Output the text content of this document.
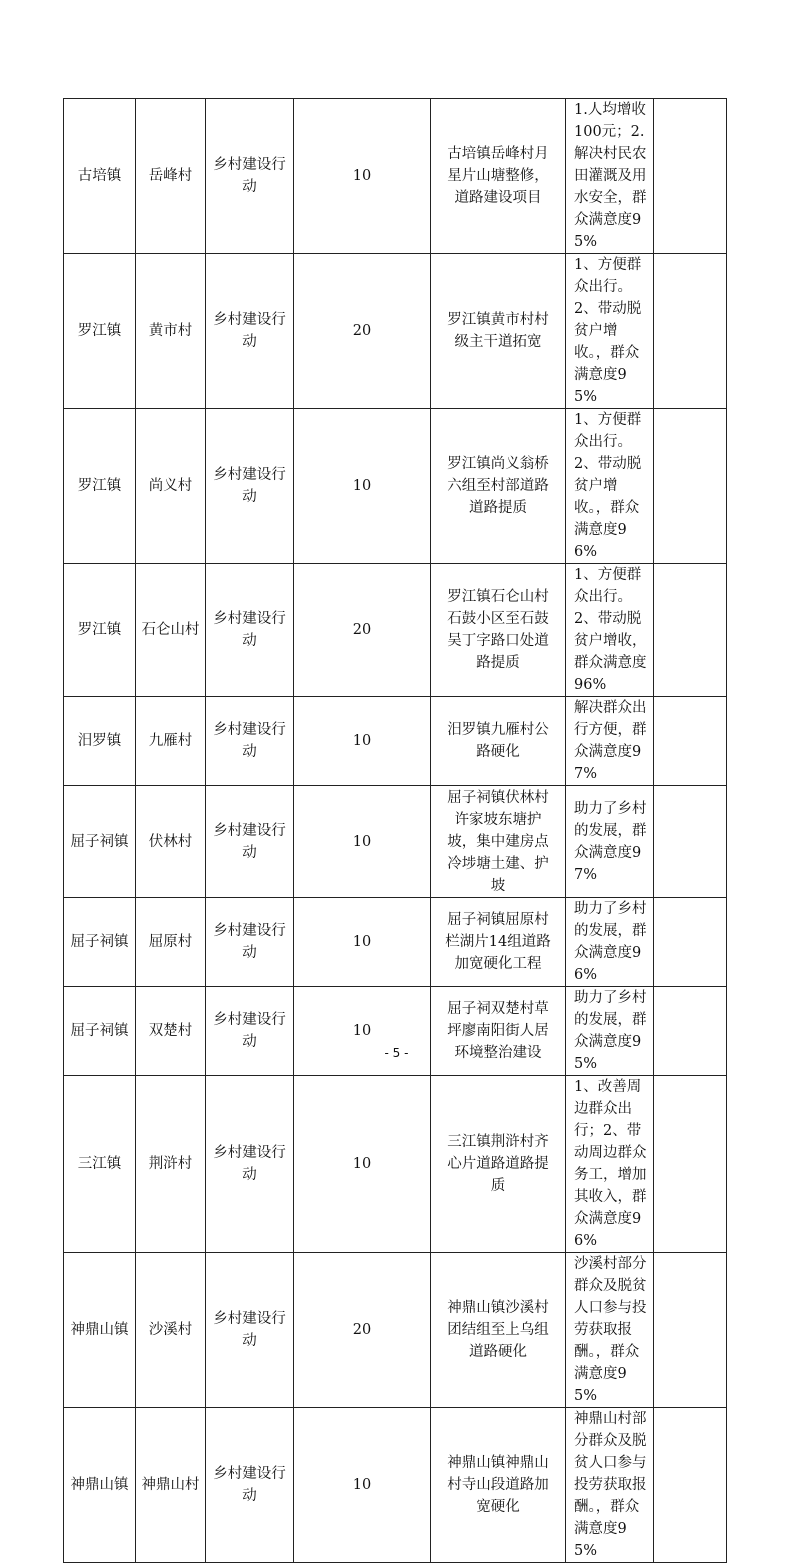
古培镇	岳峰村	乡村建设行动	10	古培镇岳峰村月星片山塘整修，道路建设项目	1.人均增收100元；2.解决村民农田灌溉及用水安全，群众满意度95%	
罗江镇	黄市村	乡村建设行动	20	罗江镇黄市村村级主干道拓宽	1、方便群众出行。2、带动脱贫户增收。，群众满意度95%	
罗江镇	尚义村	乡村建设行动	10	罗江镇尚义翁桥六组至村部道路道路提质	1、方便群众出行。2、带动脱贫户增收。，群众满意度96%	
罗江镇	石仑山村	乡村建设行动	20	罗江镇石仑山村石鼓小区至石鼓吴丁字路口处道路提质	1、方便群众出行。2、带动脱贫户增收，群众满意度96%	
汨罗镇	九雁村	乡村建设行动	10	汨罗镇九雁村公路硬化	解决群众出行方便，群众满意度97%	
屈子祠镇	伏林村	乡村建设行动	10	屈子祠镇伏林村许家坡东塘护坡，集中建房点冷埗塘土建、护坡	助力了乡村的发展，群众满意度97%	
屈子祠镇	屈原村	乡村建设行动	10	屈子祠镇屈原村栏湖片14组道路加宽硬化工程	助力了乡村的发展，群众满意度96%	
屈子祠镇	双楚村	乡村建设行动	10	屈子祠双楚村草坪廖南阳街人居环境整治建设	助力了乡村的发展，群众满意度95%	
三江镇	荆浒村	乡村建设行动	10	三江镇荆浒村齐心片道路道路提质	1、改善周边群众出行；2、带动周边群众务工，增加其收入，群众满意度96%	
神鼎山镇	沙溪村	乡村建设行动	20	神鼎山镇沙溪村团结组至上乌组道路硬化	沙溪村部分群众及脱贫人口参与投劳获取报酬。，群众满意度95%	
神鼎山镇	神鼎山村	乡村建设行动	10	神鼎山镇神鼎山村寺山段道路加宽硬化	神鼎山村部分群众及脱贫人口参与投劳获取报酬。，群众满意度95%	
- 5 -
